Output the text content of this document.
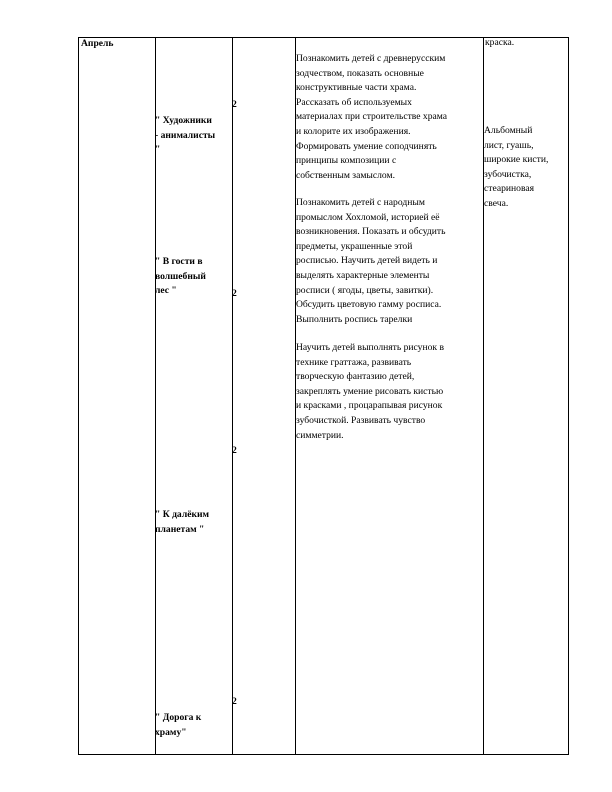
Апрель
" Художники
- анималисты
"
" В гости в
волшебный
лес "
" К далёким
планетам "
" Дорога к
храму"
2
2
2
2
Познакомить детей с древнерусским
зодчеством, показать основные
конструктивные части храма.
Рассказать об используемых
материалах при строительстве храма
и колорите их изображения.
Формировать умение соподчинять
принципы композиции с
собственным замыслом.
Познакомить детей с народным
промыслом Хохломой, историей её
возникновения. Показать и обсудить
предметы, украшенные этой
росписью. Научить детей видеть и
выделять характерные элементы
росписи ( ягоды, цветы, завитки).
Обсудить цветовую гамму росписа.
Выполнить роспись тарелки
Научить детей выполнять рисунок в
технике граттажа, развивать
творческую фантазию детей,
закреплять умение рисовать кистью
и красками , процарапывая рисунок
зубочисткой. Развивать чувство
симметрии.
краска.
Альбомный
лист, гуашь,
широкие кисти,
зубочистка,
стеариновая
свеча.
